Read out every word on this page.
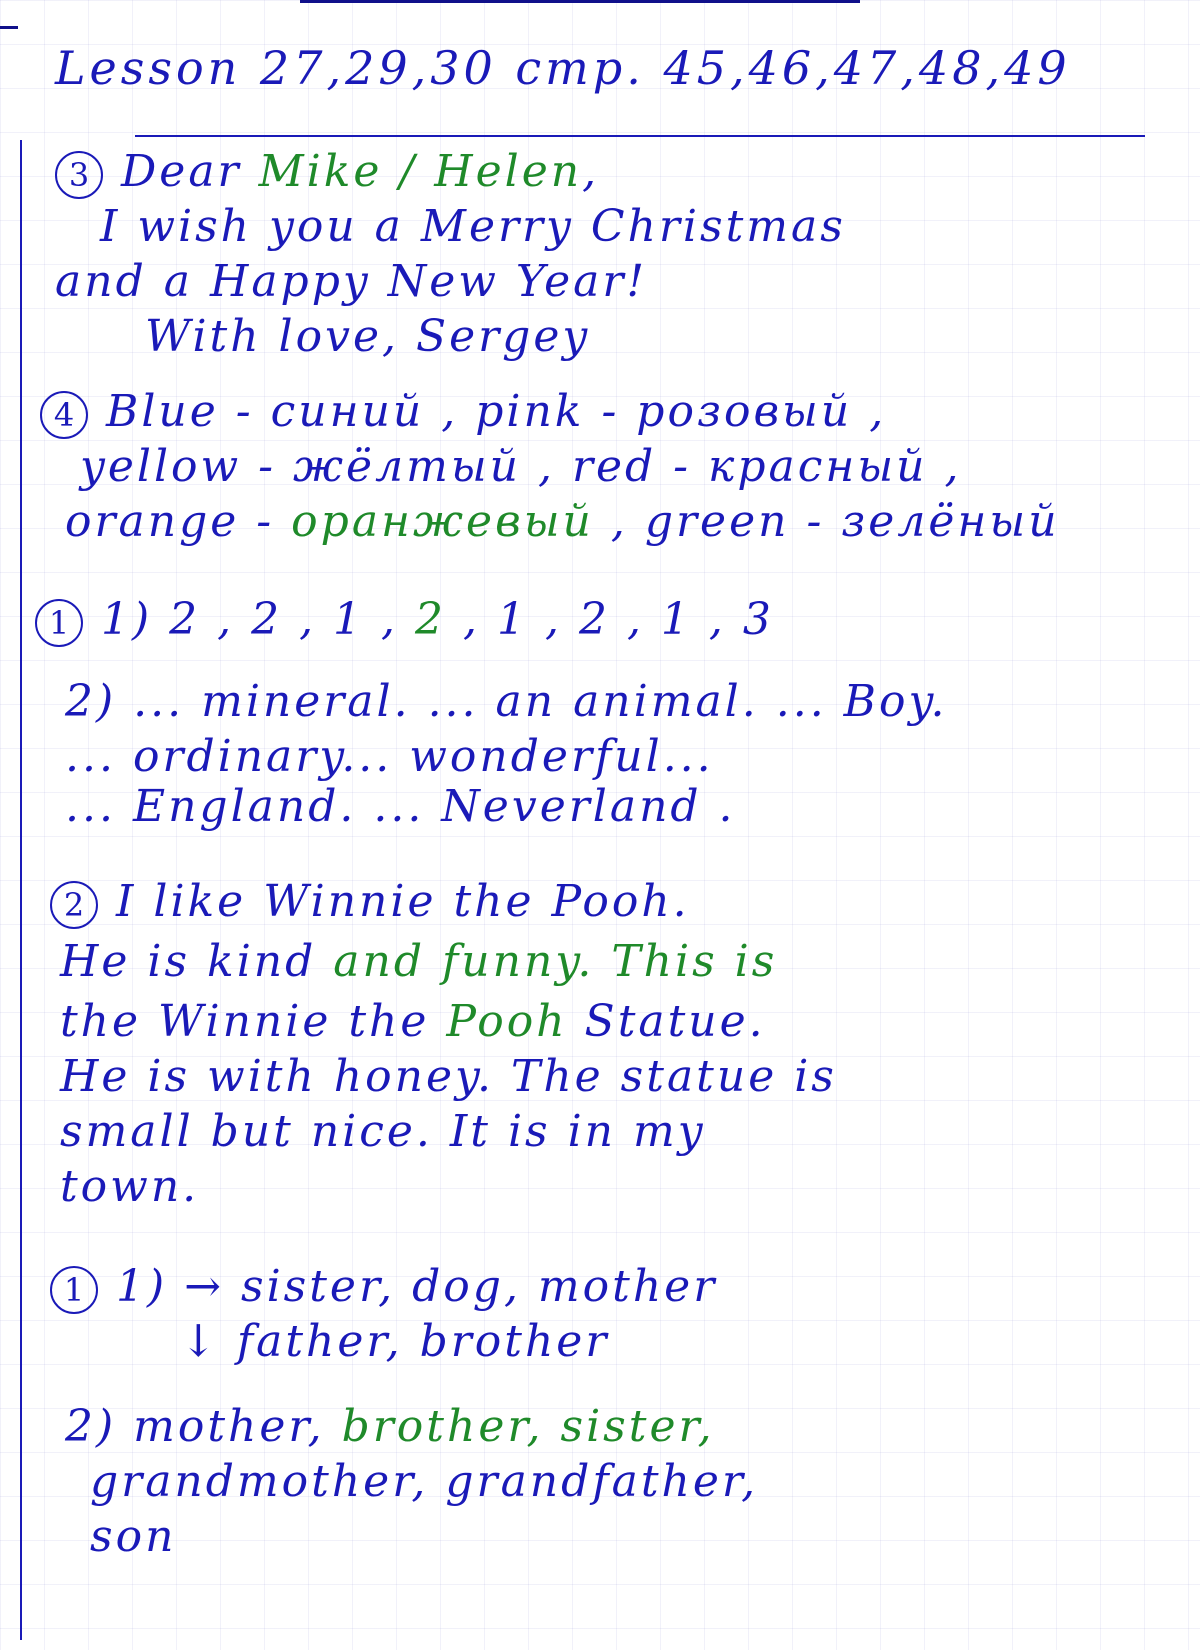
Lesson 27,29,30 стр. 45,46,47,48,49

3 Dear Mike / Helen,

I wish you a Merry Christmas

and a Happy New Year!

With love, Sergey

4 Blue - синий , pink - розовый ,

yellow - жёлтый , red - красный ,

orange - оранжевый , green - зелёный
1 1) 2 , 2 , 1 , 2 , 1 , 2 , 1 , 3

2) ... mineral. ... an animal. ... Boy.

... ordinary... wonderful...

... England. ... Neverland .

2 I like Winnie the Pooh.
He is kind and funny. This is
the Winnie the Pooh Statue.

He is with honey. The statue is

small but nice. It is in my

town.

1 1) → sister, dog, mother

↓ father, brother

2) mother, brother, sister,

grandmother, grandfather,

son
